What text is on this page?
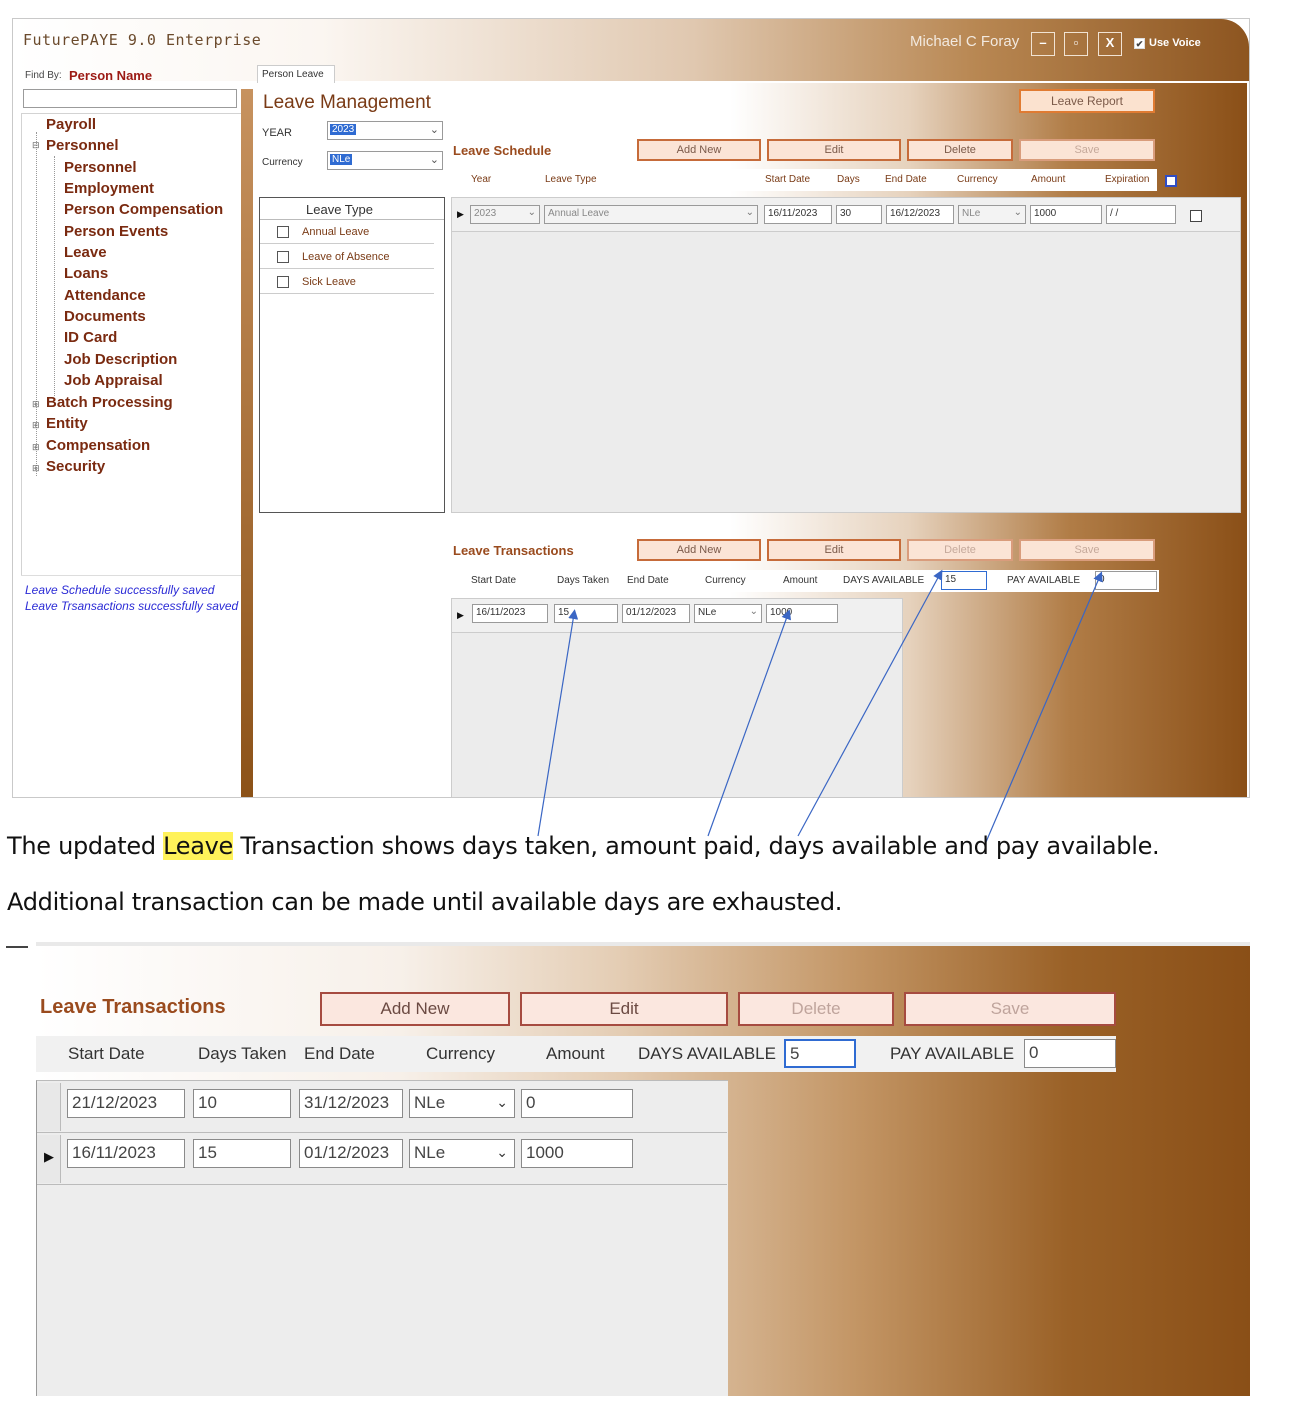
FuturePAYE 9.0 Enterprise	Michael C Foray	–	▫	X	✔ Use Voice
Find By: Person Name	Person Leave
Payroll
⊟ Personnel
Personnel
Employment
Person Compensation
Person Events
Leave
Loans
Attendance
Documents
ID Card
Job Description
Job Appraisal
⊞ Batch Processing
⊞ Entity
⊞ Compensation
⊞ Security
Leave Schedule successfully saved
Leave Trsansactions successfully saved
Leave Management	Leave Report
YEAR	2023	⌄
Currency	NLe	⌄
Leave Type
Annual Leave
Leave of Absence
Sick Leave
Leave Schedule	Add New	Edit	Delete	Save
Year	Leave Type	Start Date	Days	End Date	Currency	Amount	Expiration
▶	2023	⌄	Annual Leave	⌄	16/11/2023	30	16/12/2023	NLe	⌄	1000	/ /
Leave Transactions	Add New	Edit	Delete	Save
Start Date	Days Taken End Date	Currency	Amount	DAYS AVAILABLE	15	PAY AVAILABLE	0
▶	16/11/2023	15	01/12/2023	NLe	⌄	1000
The updated Leave Transaction shows days taken, amount paid, days available and pay available.
Additional transaction can be made until available days are exhausted.
Leave Transactions	Add New	Edit	Delete	Save
Start Date	Days Taken End Date	Currency	Amount DAYS AVAILABLE 5	PAY AVAILABLE 0
21/12/2023	10	31/12/2023	NLe	⌄ 0
▶ 16/11/2023	15	01/12/2023	NLe	⌄ 1000
